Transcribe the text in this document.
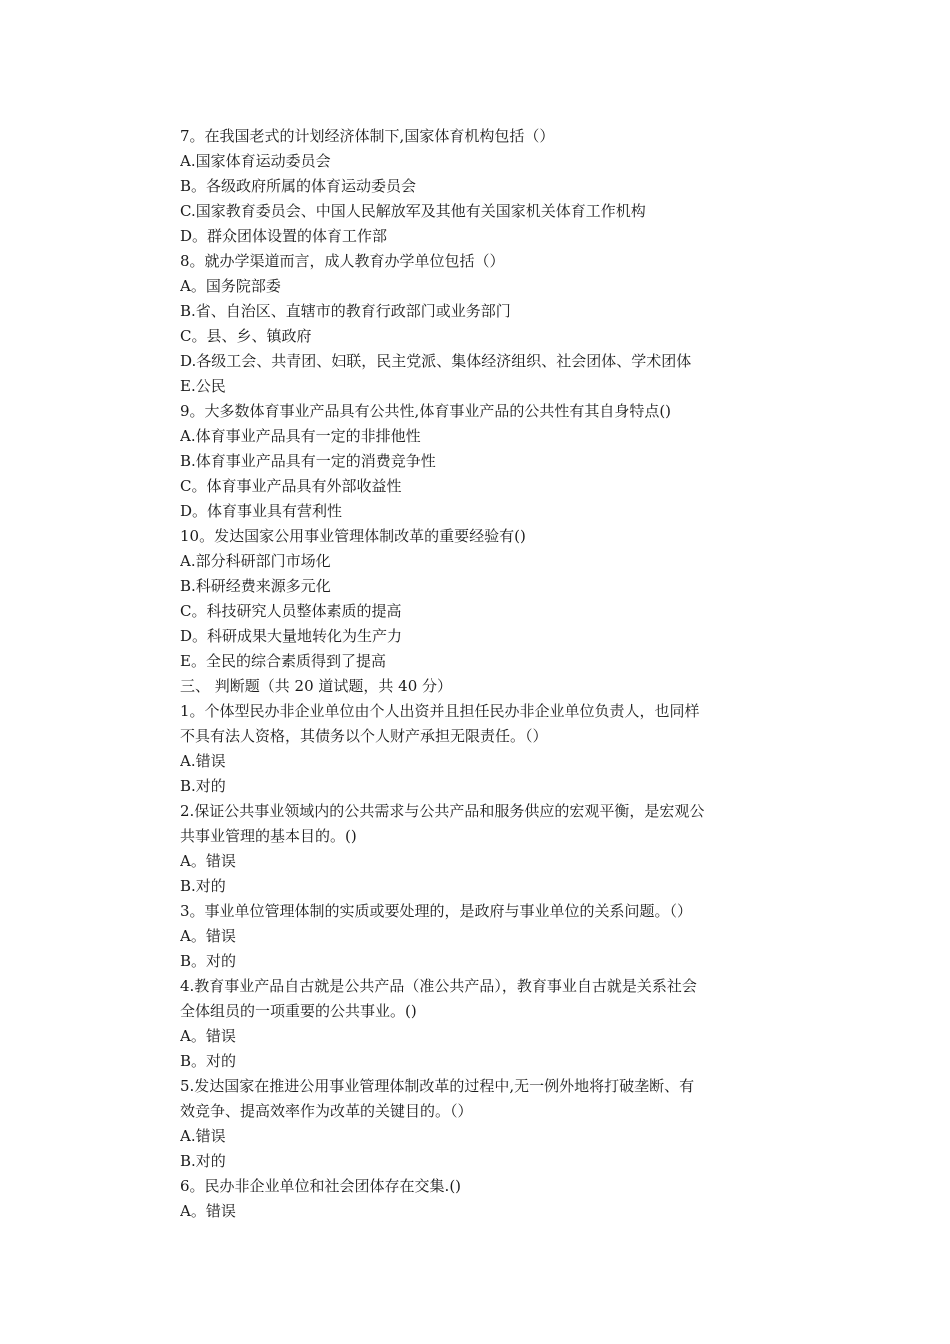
7。在我国老式的计划经济体制下,国家体育机构包括（）
A.国家体育运动委员会
B。各级政府所属的体育运动委员会
C.国家教育委员会、中国人民解放军及其他有关国家机关体育工作机构
D。群众团体设置的体育工作部
8。就办学渠道而言，成人教育办学单位包括（）
A。国务院部委
B.省、自治区、直辖市的教育行政部门或业务部门
C。县、乡、镇政府
D.各级工会、共青团、妇联，民主党派、集体经济组织、社会团体、学术团体
E.公民
9。大多数体育事业产品具有公共性,体育事业产品的公共性有其自身特点()
A.体育事业产品具有一定的非排他性
B.体育事业产品具有一定的消费竞争性
C。体育事业产品具有外部收益性
D。体育事业具有营利性
10。发达国家公用事业管理体制改革的重要经验有()
A.部分科研部门市场化
B.科研经费来源多元化
C。科技研究人员整体素质的提高
D。科研成果大量地转化为生产力
E。全民的综合素质得到了提高
三、 判断题（共 20 道试题，共 40 分）
1。个体型民办非企业单位由个人出资并且担任民办非企业单位负责人，也同样
不具有法人资格，其债务以个人财产承担无限责任。（）
A.错误
B.对的
2.保证公共事业领域内的公共需求与公共产品和服务供应的宏观平衡，是宏观公
共事业管理的基本目的。()
A。错误
B.对的
3。事业单位管理体制的实质或要处理的，是政府与事业单位的关系问题。（）
A。错误
B。对的
4.教育事业产品自古就是公共产品（准公共产品），教育事业自古就是关系社会
全体组员的一项重要的公共事业。()
A。错误
B。对的
5.发达国家在推进公用事业管理体制改革的过程中,无一例外地将打破垄断、有
效竞争、提高效率作为改革的关键目的。（）
A.错误
B.对的
6。民办非企业单位和社会团体存在交集.()
A。错误
